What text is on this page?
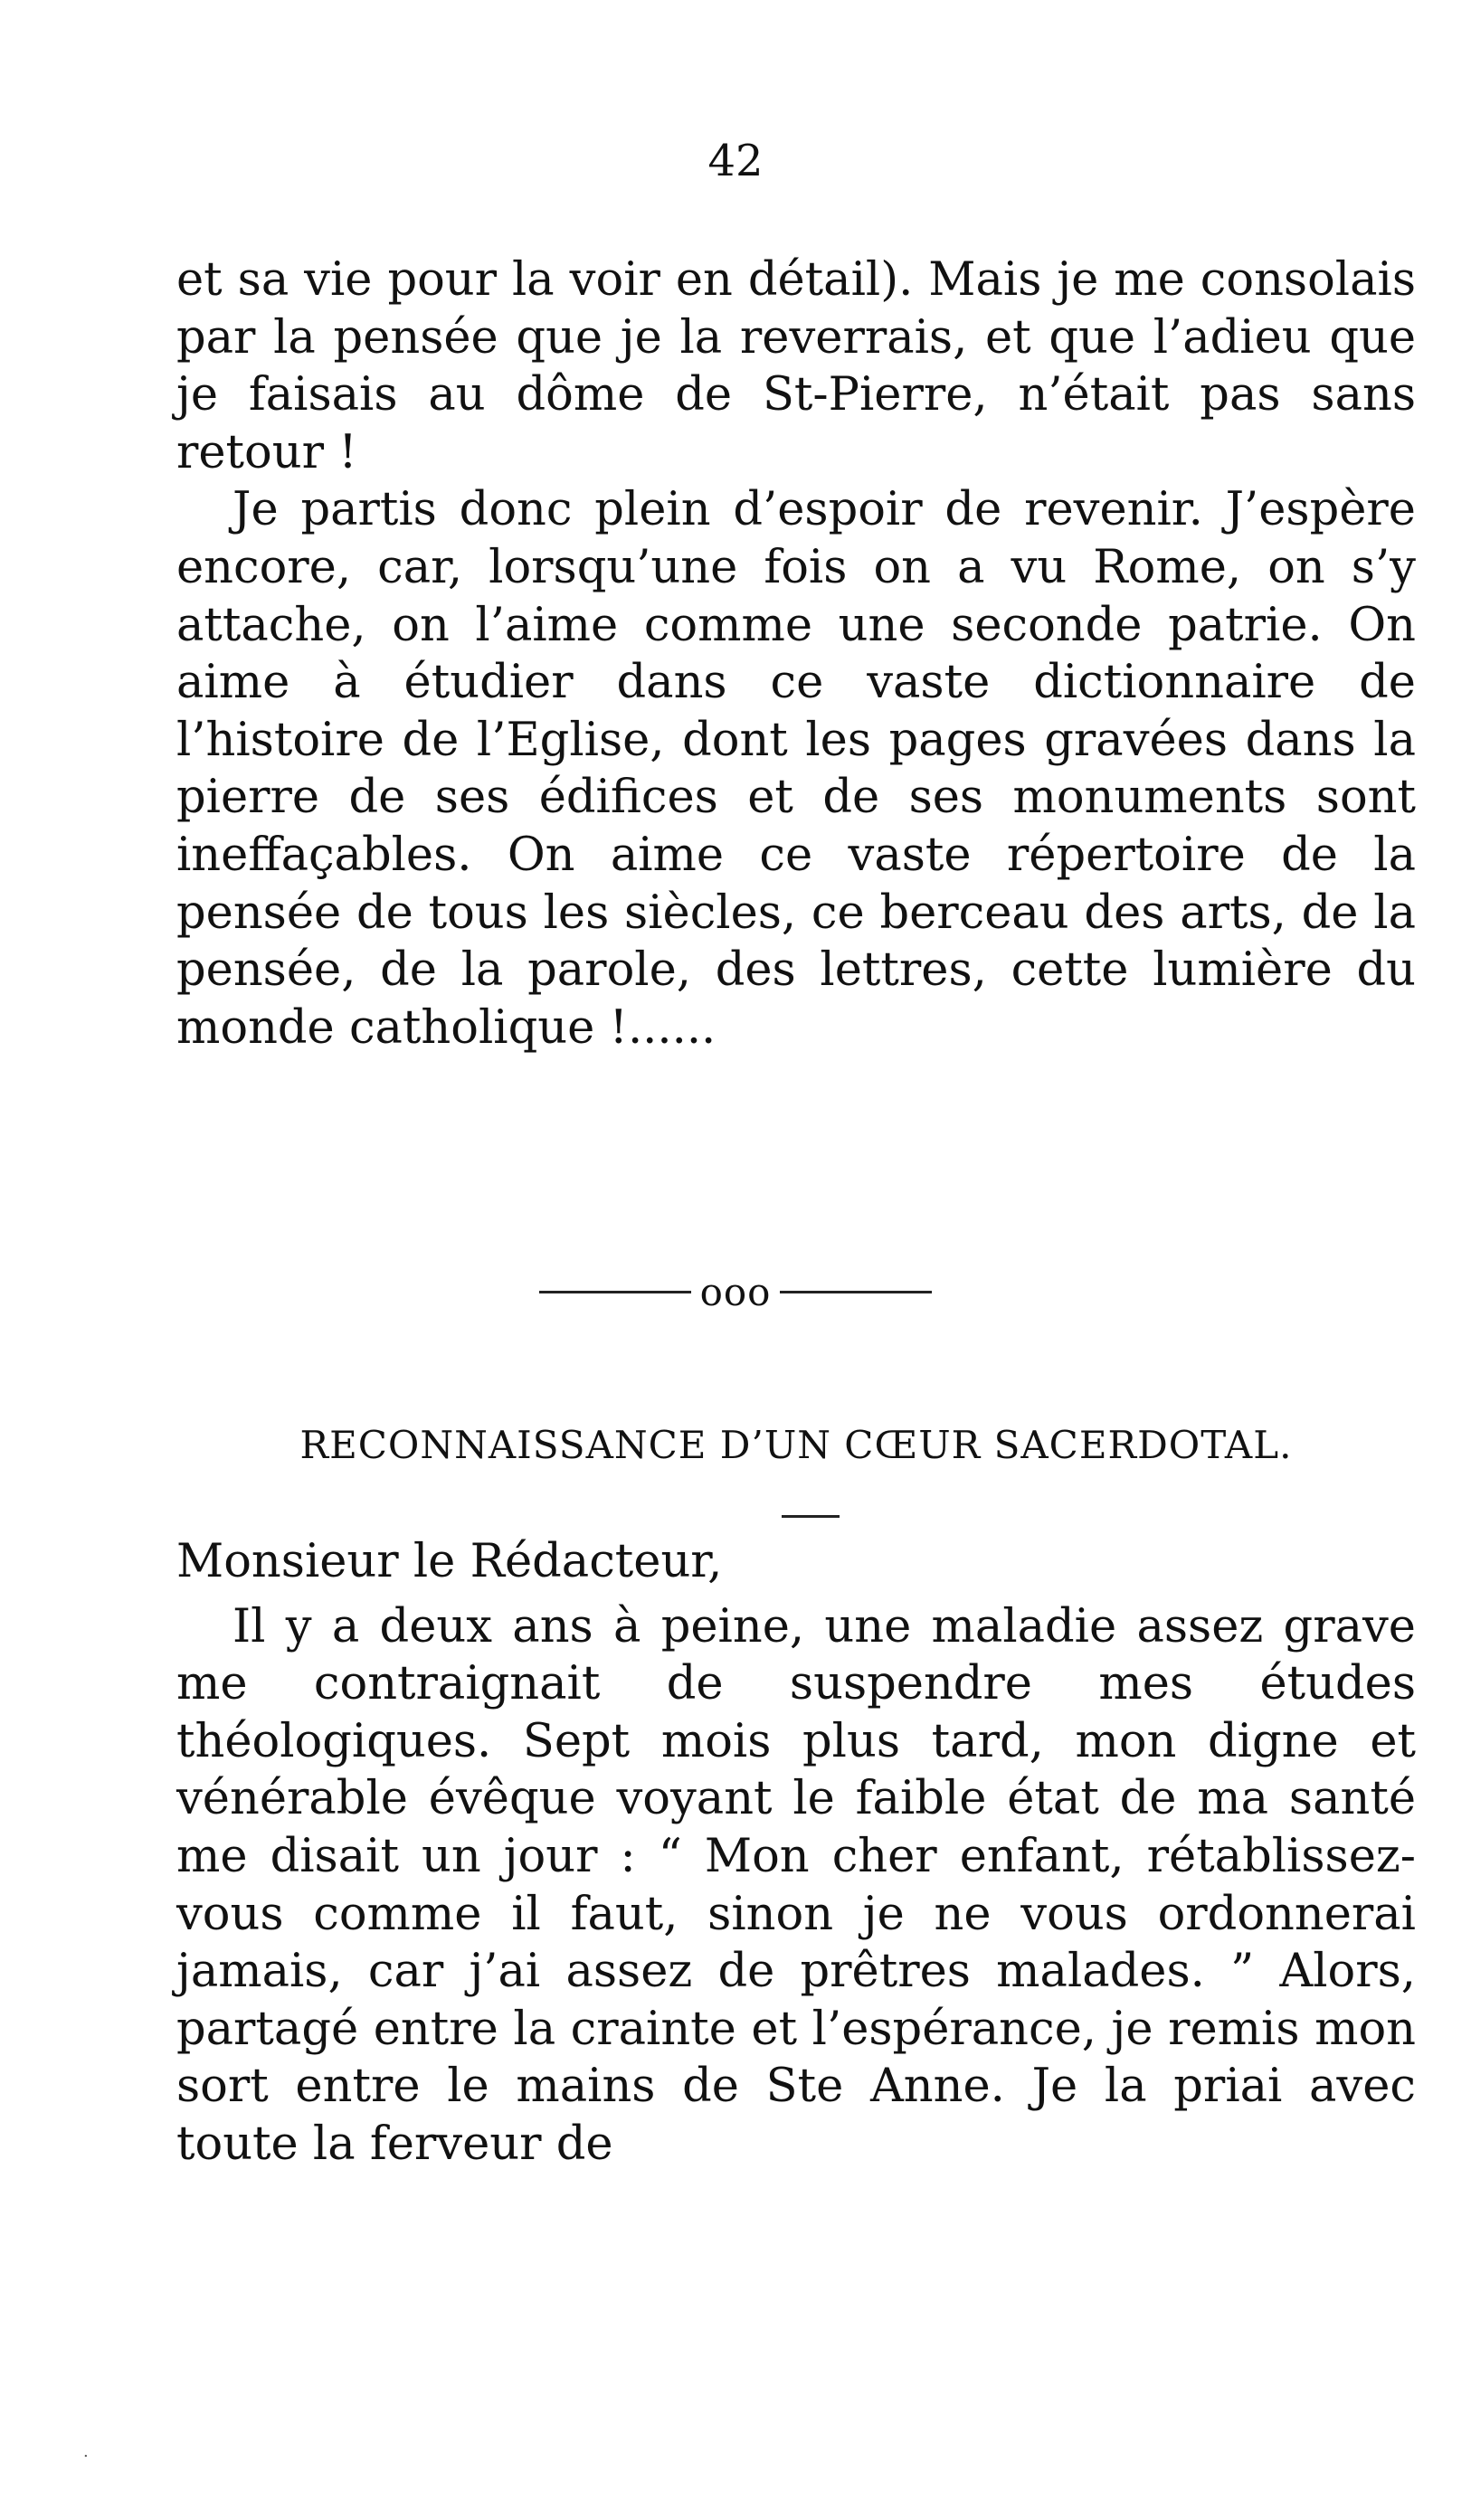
42

et sa vie pour la voir en détail). Mais je me consolais par la pensée que je la reverrais, et que l’adieu que je faisais au dôme de St-Pierre, n’était pas sans retour !

Je partis donc plein d’espoir de revenir. J’espère encore, car, lorsqu’une fois on a vu Rome, on s’y attache, on l’aime comme une seconde patrie. On aime à étudier dans ce vaste dictionnaire de l’histoire de l’Eglise, dont les pages gravées dans la pierre de ses édifices et de ses monuments sont ineffaçables. On aime ce vaste répertoire de la pensée de tous les siècles, ce berceau des arts, de la pensée, de la parole, des lettres, cette lumière du monde catholique !......

ooo
RECONNAISSANCE D’UN CŒUR SACERDOTAL.

Monsieur le Rédacteur,

Il y a deux ans à peine, une maladie assez grave me contraignait de suspendre mes études théologiques. Sept mois plus tard, mon digne et vénérable évêque voyant le faible état de ma santé me disait un jour : “ Mon cher enfant, rétablissez-vous comme il faut, sinon je ne vous ordonnerai jamais, car j’ai assez de prêtres malades. ” Alors, partagé entre la crainte et l’espérance, je remis mon sort entre le mains de Ste Anne. Je la priai avec toute la ferveur de

.
